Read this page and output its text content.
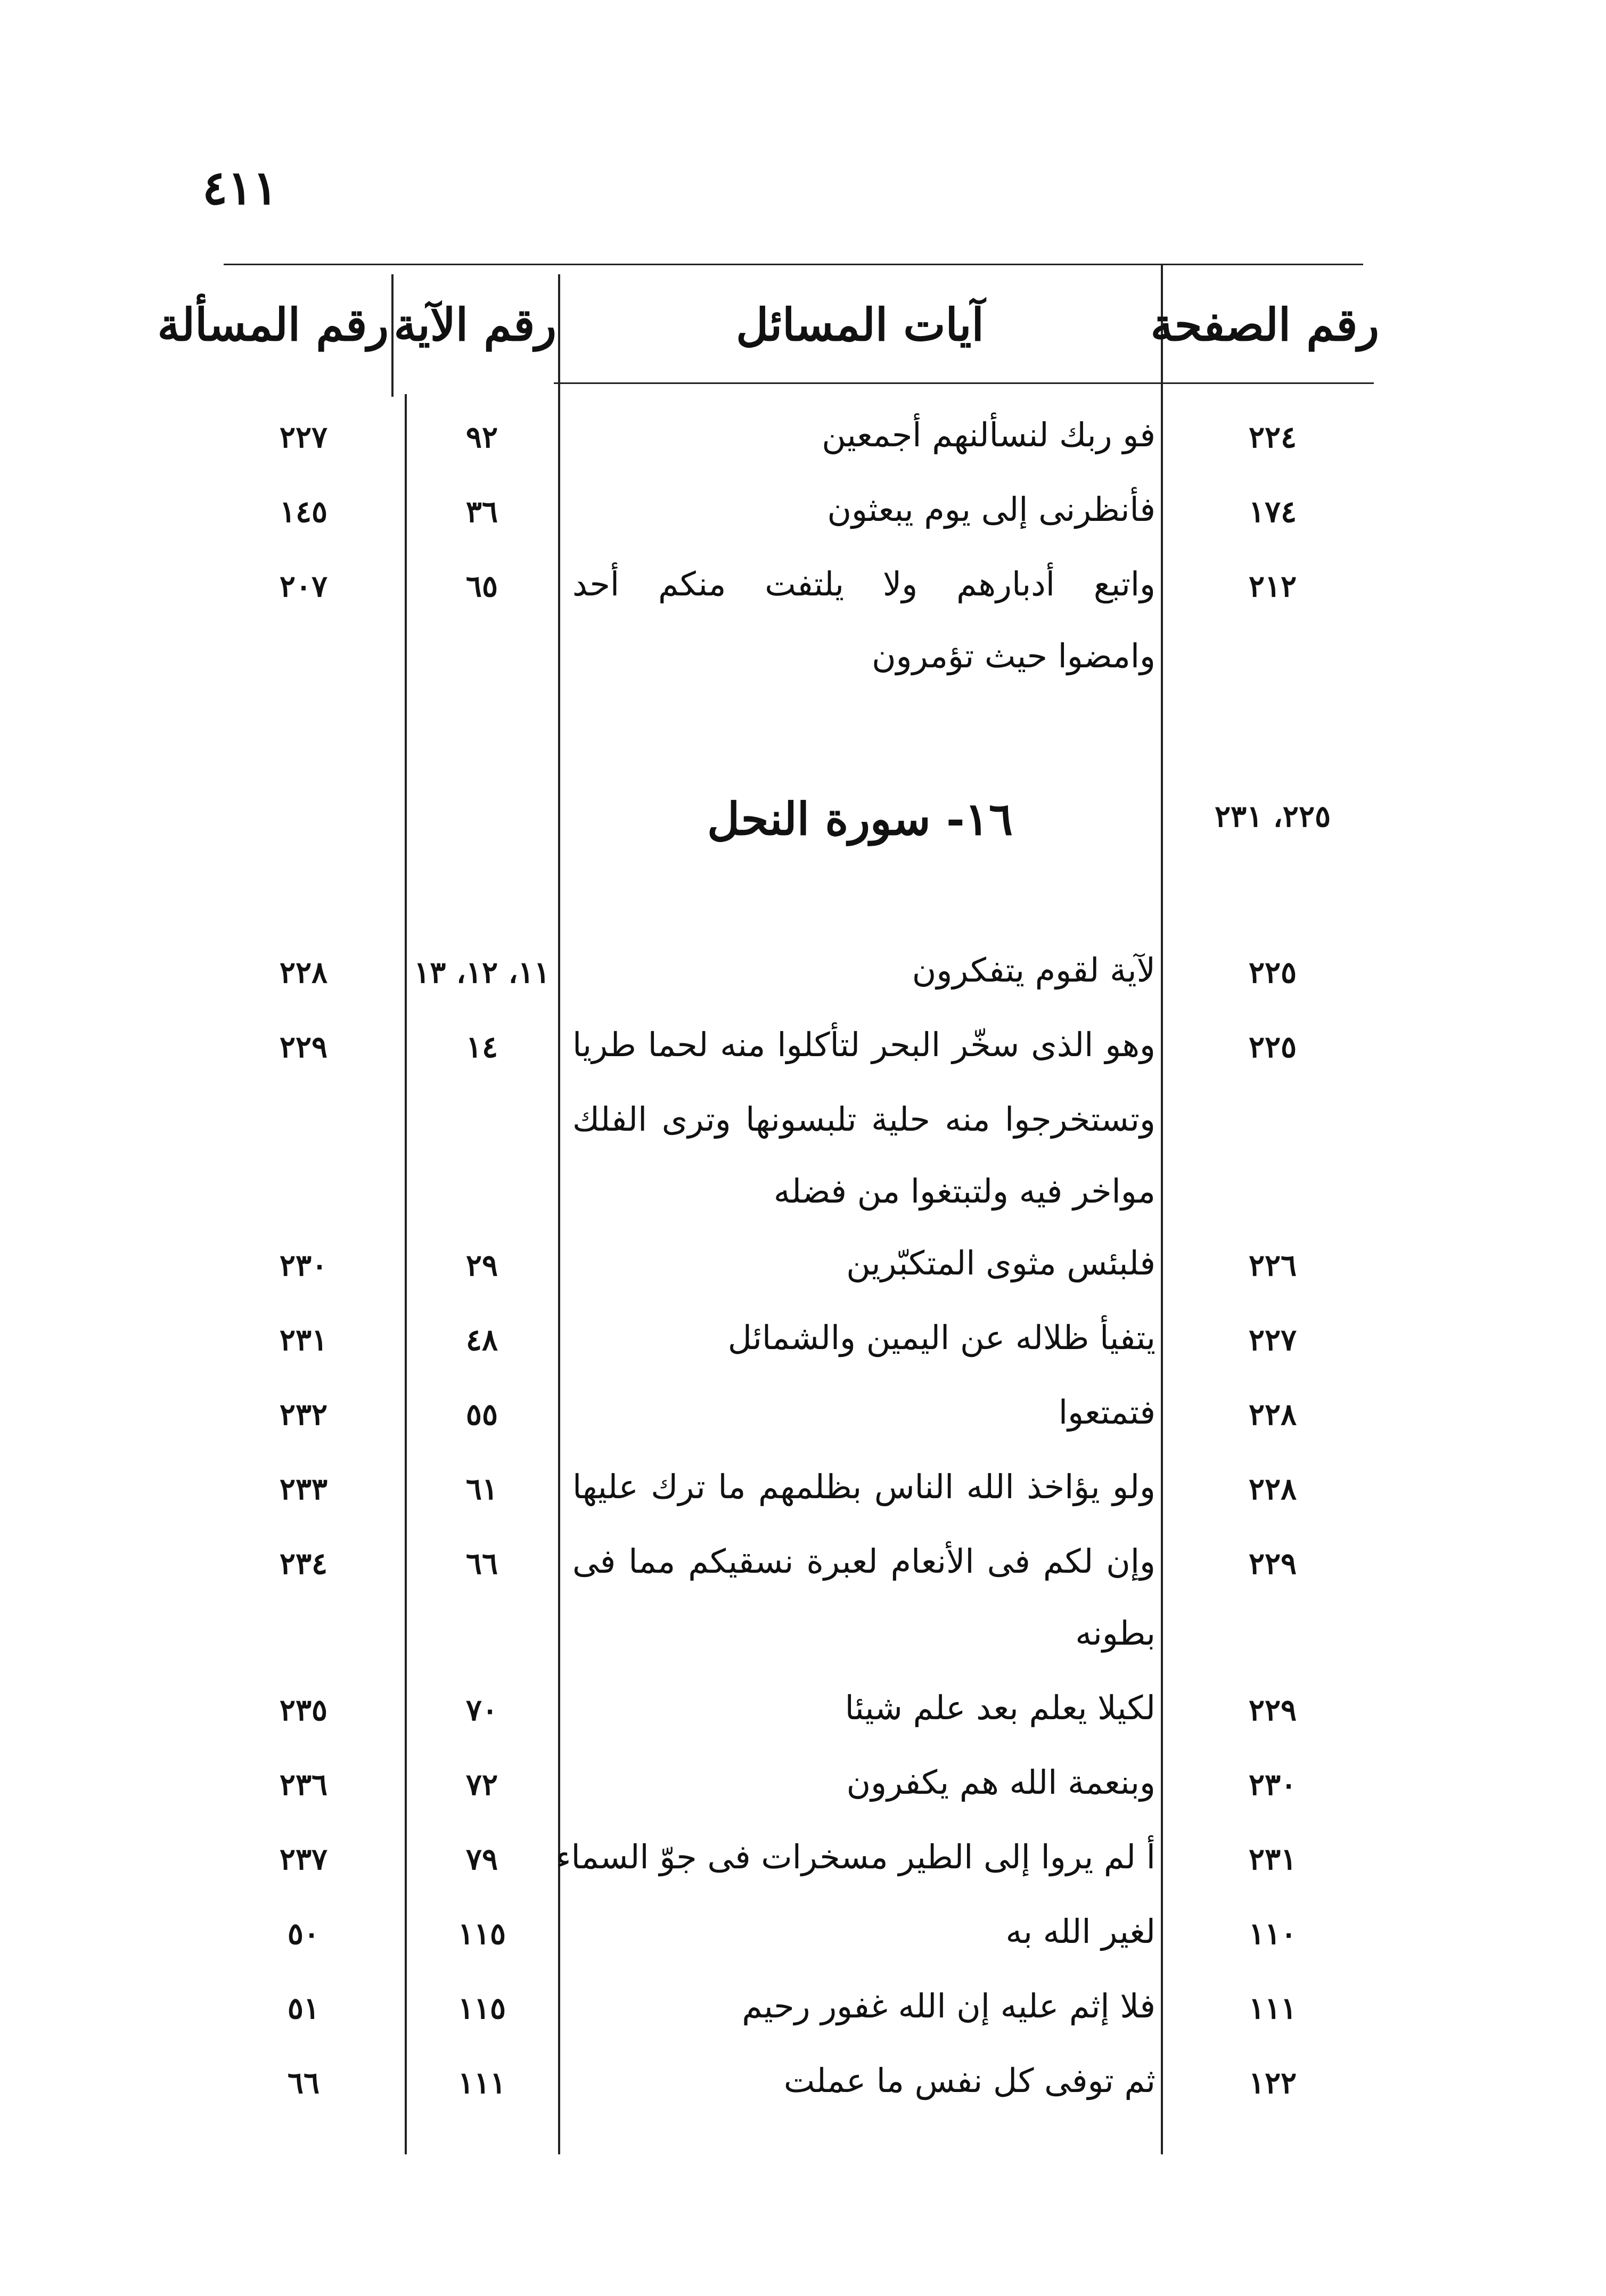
٤١١
رقم الصفحة
آيات المسائل
رقم الآية
رقم المسألة
٢٢٤
فو ربك لنسألنهم أجمعين
٩٢
٢٢٧
١٧٤
فأنظرنى إلى يوم يبعثون
٣٦
١٤٥
٢١٢
واتبع أدبارهم ولا يلتفت منكم أحد
٦٥
٢٠٧
وامضوا حيث تؤمرون
٢٢٥، ٢٣١
١٦- سورة النحل
٢٢٥
لآية لقوم يتفكرون
١١، ١٢، ١٣
٢٢٨
٢٢٥
وهو الذى سخّر البحر لتأكلوا منه لحما طريا
١٤
٢٢٩
وتستخرجوا منه حلية تلبسونها وترى الفلك
مواخر فيه ولتبتغوا من فضله
٢٢٦
فلبئس مثوى المتكبّرين
٢٩
٢٣٠
٢٢٧
يتفيأ ظلاله عن اليمين والشمائل
٤٨
٢٣١
٢٢٨
فتمتعوا
٥٥
٢٣٢
٢٢٨
ولو يؤاخذ الله الناس بظلمهم ما ترك عليها
٦١
٢٣٣
٢٢٩
وإن لكم فى الأنعام لعبرة نسقيكم مما فى
٦٦
٢٣٤
بطونه
٢٢٩
لكيلا يعلم بعد علم شيئا
٧٠
٢٣٥
٢٣٠
وبنعمة الله هم يكفرون
٧٢
٢٣٦
٢٣١
أ لم يروا إلى الطير مسخرات فى جوّ السماء
٧٩
٢٣٧
١١٠
لغير الله به
١١٥
٥٠
١١١
فلا إثم عليه إن الله غفور رحيم
١١٥
٥١
١٢٢
ثم توفى كل نفس ما عملت
١١١
٦٦
